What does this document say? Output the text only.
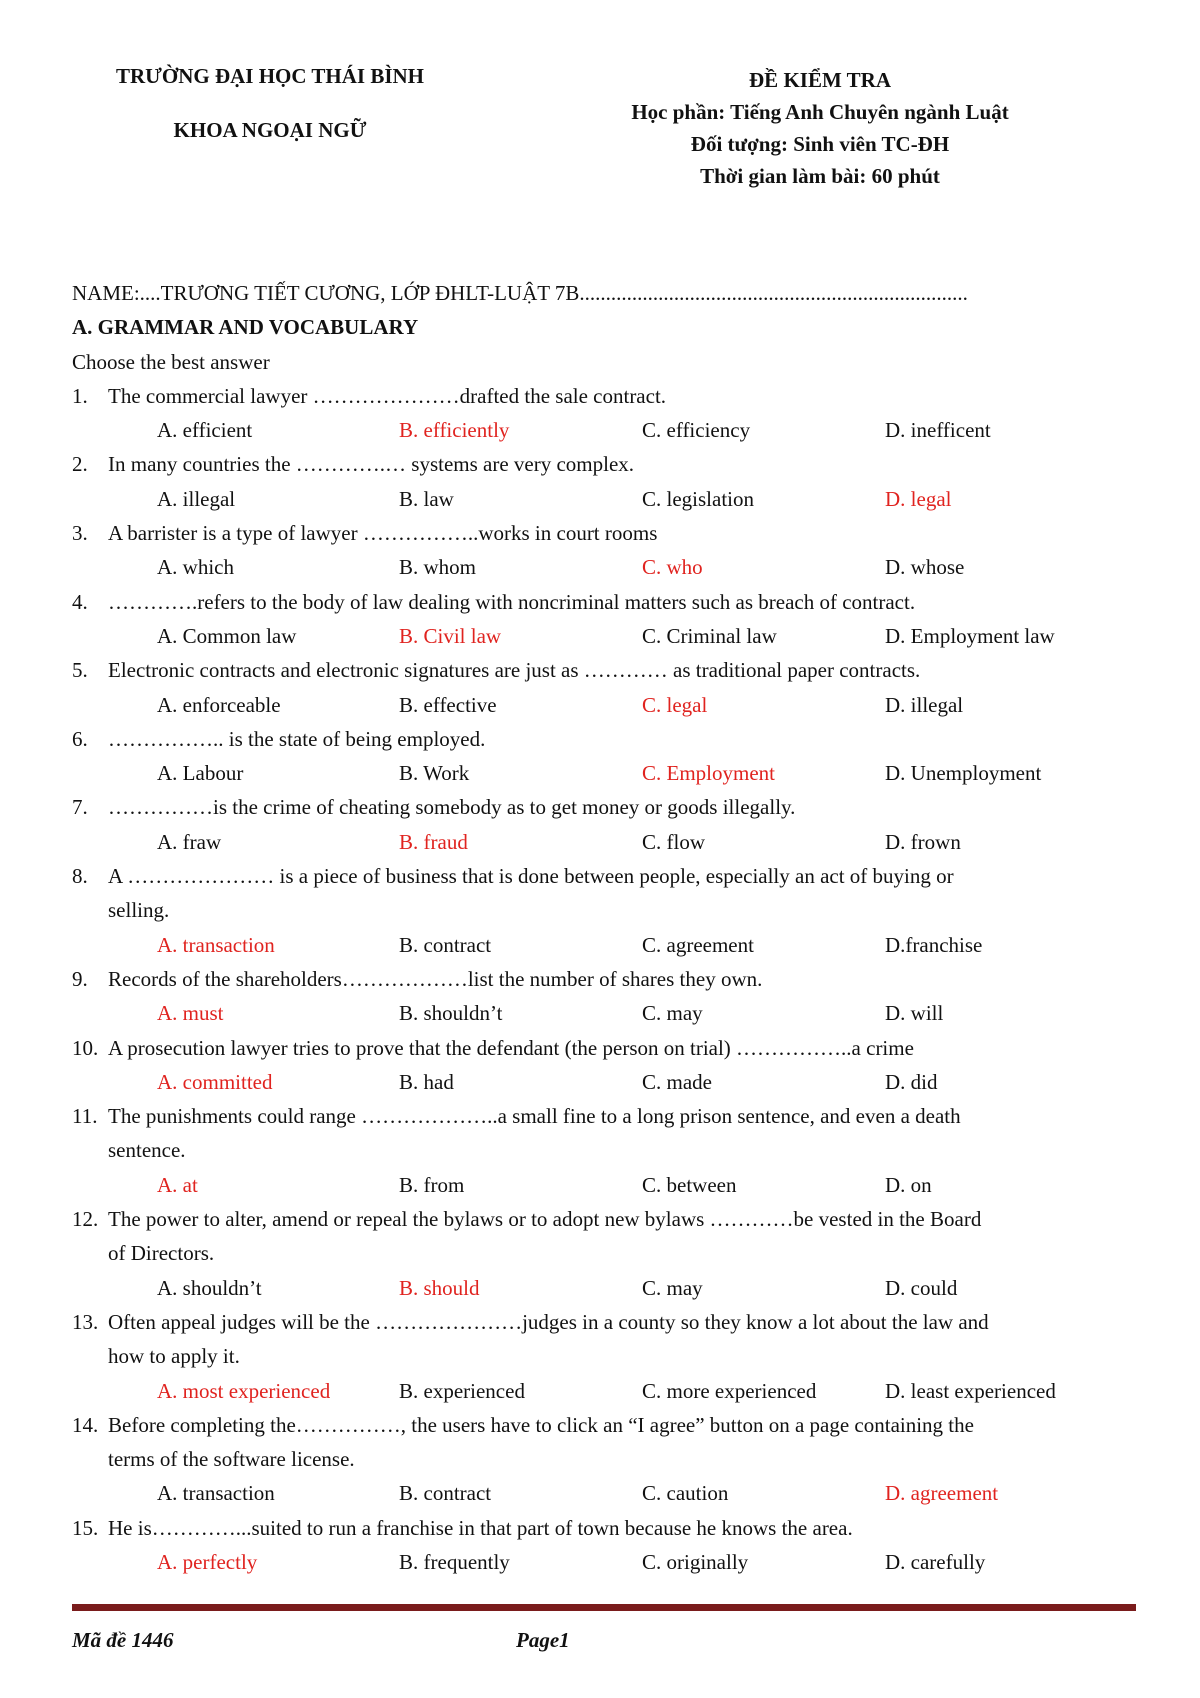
TRƯỜNG ĐẠI HỌC THÁI BÌNH
KHOA NGOẠI NGỮ
ĐỀ KIỂM TRA
Học phần: Tiếng Anh Chuyên ngành Luật
Đối tượng: Sinh viên TC-ĐH
Thời gian làm bài: 60 phút
NAME:....TRƯƠNG TIẾT CƯƠNG, LỚP ĐHLT-LUẬT 7B..........................................................................
A. GRAMMAR AND VOCABULARY
Choose the best answer
1. The commercial lawyer …………………drafted the sale contract.
A. efficient	B. efficiently	C. efficiency	D. inefficent
2. In many countries the ………….… systems are very complex.
A. illegal	B. law	C. legislation	D. legal
3. A barrister is a type of lawyer ……………..works in court rooms
A. which	B. whom	C. who	D. whose
4. ………….refers to the body of law dealing with noncriminal matters such as breach of contract.
A. Common law	B. Civil law	C. Criminal law	D. Employment law
5. Electronic contracts and electronic signatures are just as ………… as traditional paper contracts.
A. enforceable	B. effective	C. legal	D. illegal
6. …………….. is the state of being employed.
A. Labour	B. Work	C. Employment	D. Unemployment
7. ……………is the crime of cheating somebody as to get money or goods illegally.
A. fraw	B. fraud	C. flow	D. frown
8. A ………………… is a piece of business that is done between people, especially an act of buying or
selling.
A. transaction	B. contract	C. agreement	D.franchise
9. Records of the shareholders………………list the number of shares they own.
A. must	B. shouldn’t	C. may	D. will
10. A prosecution lawyer tries to prove that the defendant (the person on trial) ……………..a crime
A. committed	B. had	C. made	D. did
11. The punishments could range ………………..a small fine to a long prison sentence, and even a death
sentence.
A. at	B. from	C. between	D. on
12. The power to alter, amend or repeal the bylaws or to adopt new bylaws …………be vested in the Board
of Directors.
A. shouldn’t	B. should	C. may	D. could
13. Often appeal judges will be the …………………judges in a county so they know a lot about the law and
how to apply it.
A. most experienced	B. experienced	C. more experienced	D. least experienced
14. Before completing the……………, the users have to click an “I agree” button on a page containing the
terms of the software license.
A. transaction	B. contract	C. caution	D. agreement
15. He is…………...suited to run a franchise in that part of town because he knows the area.
A. perfectly	B. frequently	C. originally	D. carefully
Mã đề 1446	Page1
